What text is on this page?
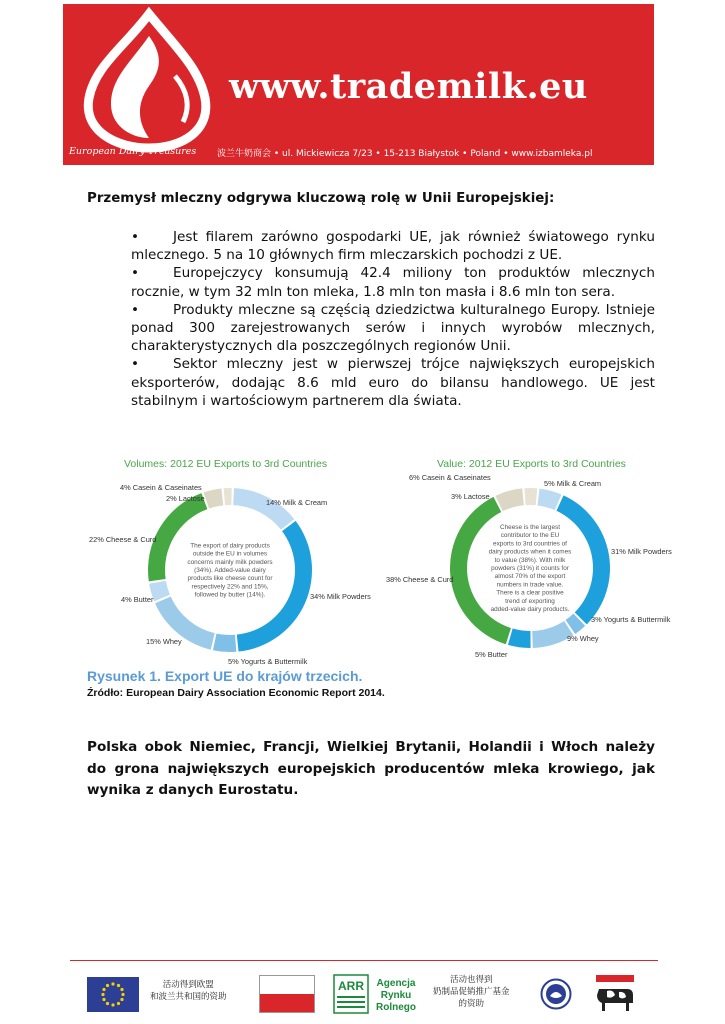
www.trademilk.eu
European Dairy Treasures 波兰牛奶商会 • ul. Mickiewicza 7/23 • 15-213 Białystok • Poland • www.izbamleka.pl
Przemysł mleczny odgrywa kluczową rolę w Unii Europejskiej:
• Jest filarem zarówno gospodarki UE, jak również światowego rynku mlecznego. 5 na 10 głównych firm mleczarskich pochodzi z UE.
• Europejczycy konsumują 42.4 miliony ton produktów mlecznych rocznie, w tym 32 mln ton mleka, 1.8 mln ton masła i 8.6 mln ton sera.
• Produkty mleczne są częścią dziedzictwa kulturalnego Europy. Istnieje ponad 300 zarejestrowanych serów i innych wyrobów mlecznych, charakterystycznych dla poszczególnych regionów Unii.
• Sektor mleczny jest w pierwszej trójce największych europejskich eksporterów, dodając 8.6 mld euro do bilansu handlowego. UE jest stabilnym i wartościowym partnerem dla świata.
Volumes: 2012 EU Exports to 3rd Countries	Value: 2012 EU Exports to 3rd Countries
14% Milk & Cream
34% Milk Powders
5% Yogurts & Buttermilk
15% Whey
4% Butter
22% Cheese & Curd
4% Casein & Caseinates
2% Lactose
The export of dairy products
outside the EU in volumes
concerns mainly milk powders
(34%). Added-value dairy
products like cheese count for
respectively 22% and 15%,
followed by butter (14%).
5% Milk & Cream
31% Milk Powders
3% Yogurts & Buttermilk
9% Whey
5% Butter
38% Cheese & Curd
6% Casein & Caseinates
3% Lactose
Cheese is the largest
contributor to the EU
exports to 3rd countries of
dairy products when it comes
to value (38%). With milk
powders (31%) it counts for
almost 70% of the export
numbers in trade value.
There is a clear positive
trend of exporting
added-value dairy products.
Rysunek 1. Export UE do krajów trzecich.
Źródło: European Dairy Association Economic Report 2014.
Polska obok Niemiec, Francji, Wielkiej Brytanii, Holandii i Włoch należy do grona największych europejskich producentów mleka krowiego, jak wynika z danych Eurostatu.
活动得到欧盟
和波兰共和国的资助
ARR Agencja
Rynku
Rolnego
活动也得到
奶制品促销推广基金
的资助
